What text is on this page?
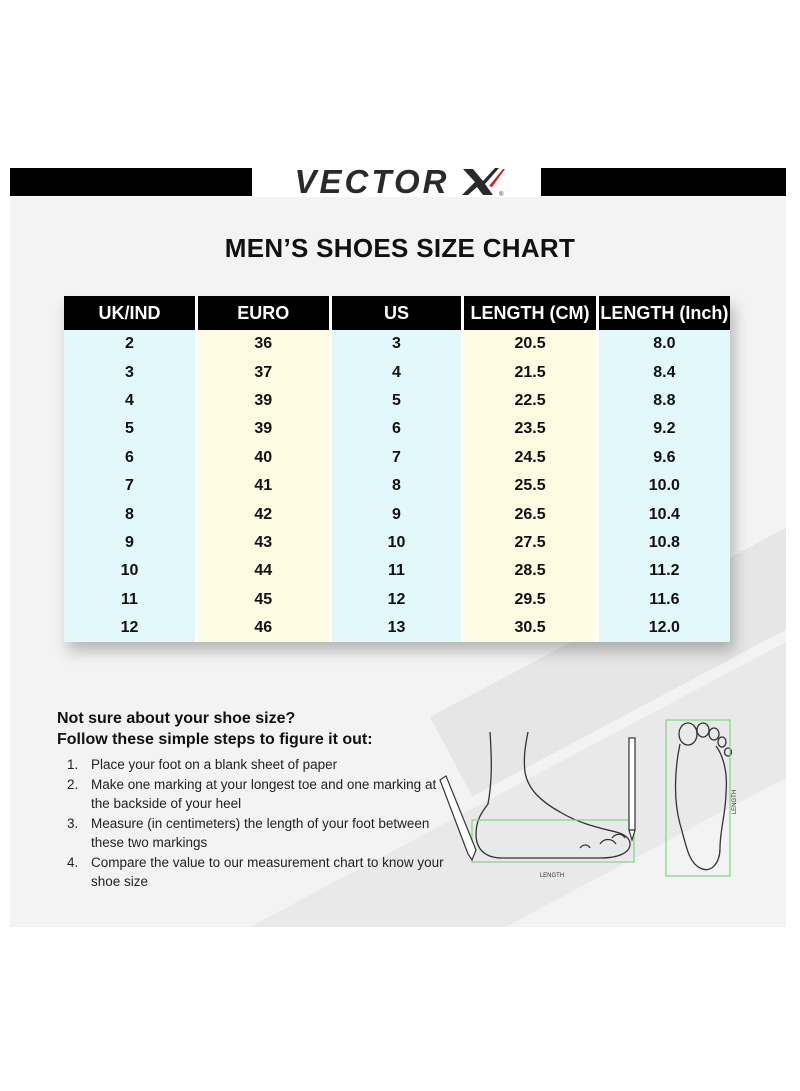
VECTOR	®
MEN’S SHOES SIZE CHART
UK/IND	EURO	US	LENGTH (CM)	LENGTH (Inch)
2	36	3	20.5	8.0
3	37	4	21.5	8.4
4	39	5	22.5	8.8
5	39	6	23.5	9.2
6	40	7	24.5	9.6
7	41	8	25.5	10.0
8	42	9	26.5	10.4
9	43	10	27.5	10.8
10	44	11	28.5	11.2
11	45	12	29.5	11.6
12	46	13	30.5	12.0

Not sure about your shoe size?

Follow these simple steps to figure it out:

1. Place your foot on a blank sheet of paper
2. Make one marking at your longest toe and one marking at the backside of your heel
3. Measure (in centimeters) the length of your foot between these two markings
4. Compare the value to our measurement chart to know your shoe size	LENGTH
LENGTH
